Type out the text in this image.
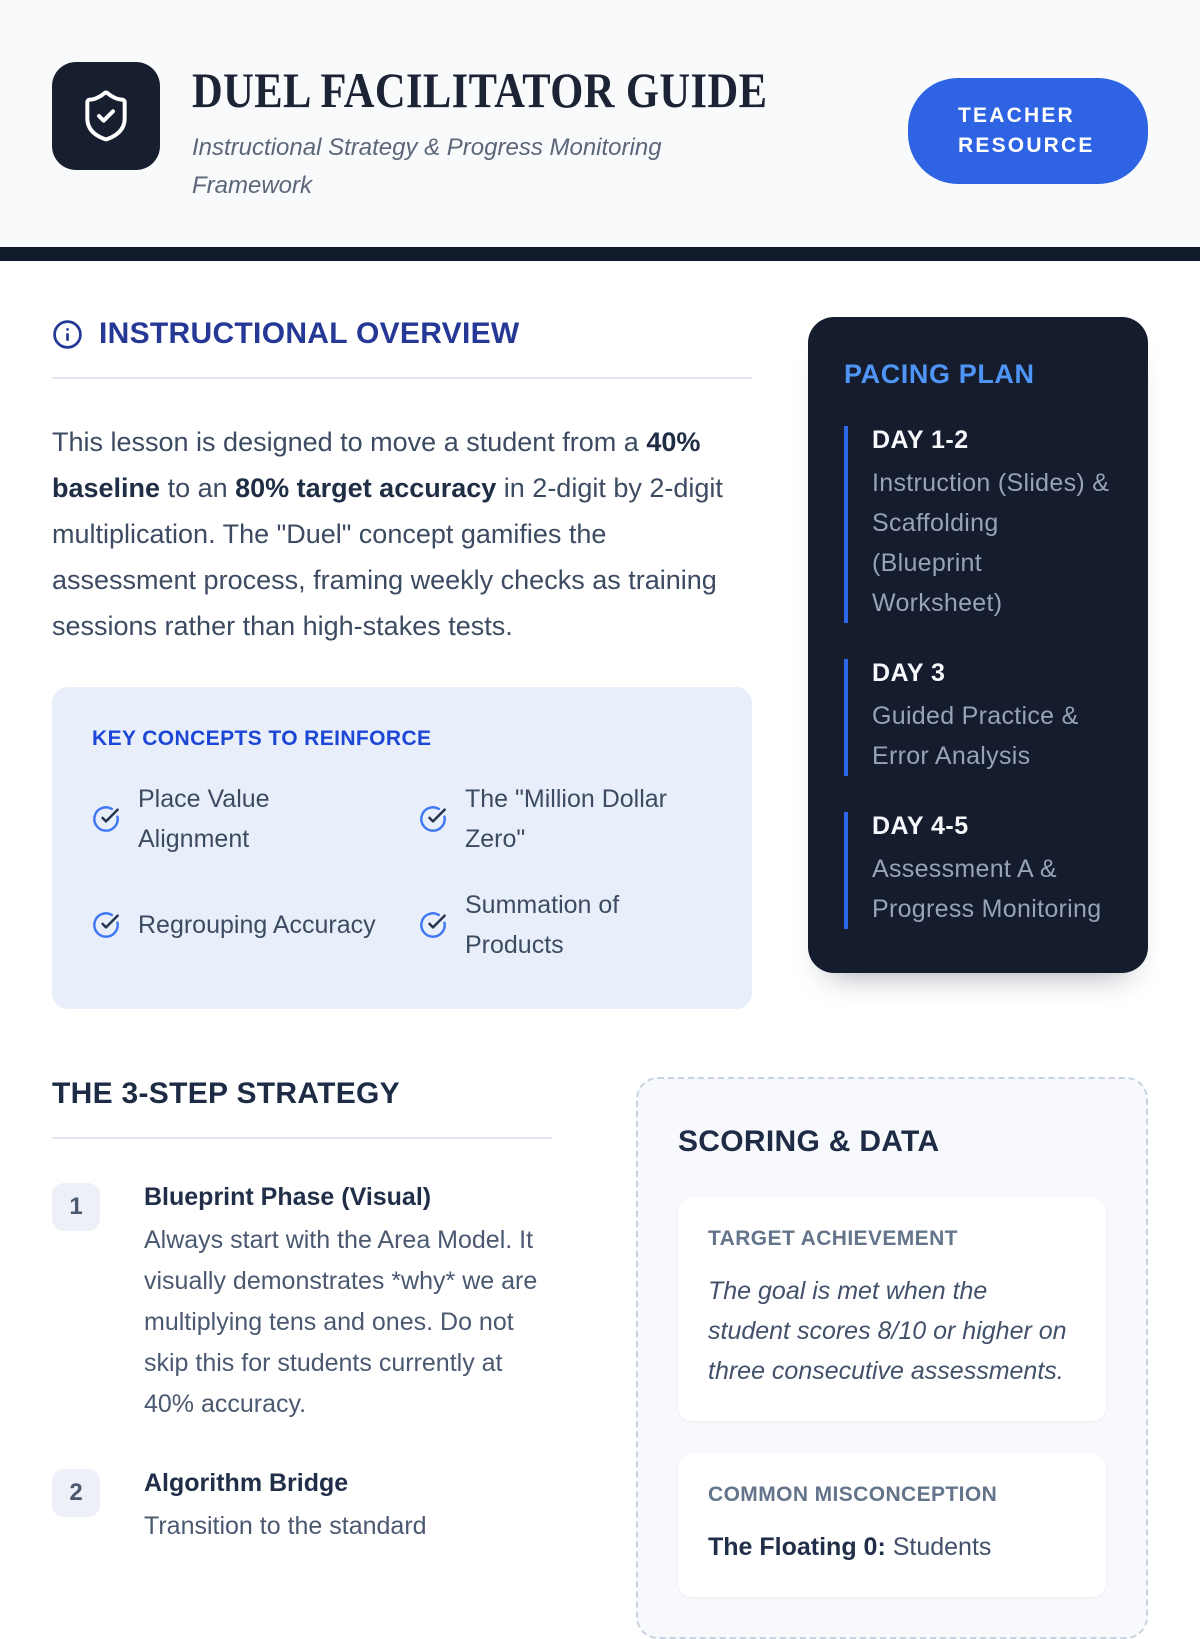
DUEL FACILITATOR GUIDE

Instructional Strategy & Progress Monitoring Framework

TEACHER RESOURCE
INSTRUCTIONAL OVERVIEW

This lesson is designed to move a student from a 40% baseline to an 80% target accuracy in 2-digit by 2-digit multiplication. The "Duel" concept gamifies the assessment process, framing weekly checks as training sessions rather than high-stakes tests.

KEY CONCEPTS TO REINFORCE
Place Value Alignment
The "Million Dollar Zero"
Regrouping Accuracy
Summation of Products
PACING PLAN
DAY 1-2
Instruction (Slides) & Scaffolding (Blueprint Worksheet)
DAY 3
Guided Practice & Error Analysis
DAY 4-5
Assessment A & Progress Monitoring
THE 3-STEP STRATEGY
1	Blueprint Phase (Visual)
Always start with the Area Model. It visually demonstrates *why* we are multiplying tens and ones. Do not skip this for students currently at 40% accuracy.
2	Algorithm Bridge
Transition to the standard
SCORING & DATA
TARGET ACHIEVEMENT
The goal is met when the student scores 8/10 or higher on three consecutive assessments.
COMMON MISCONCEPTION
The Floating 0: Students
